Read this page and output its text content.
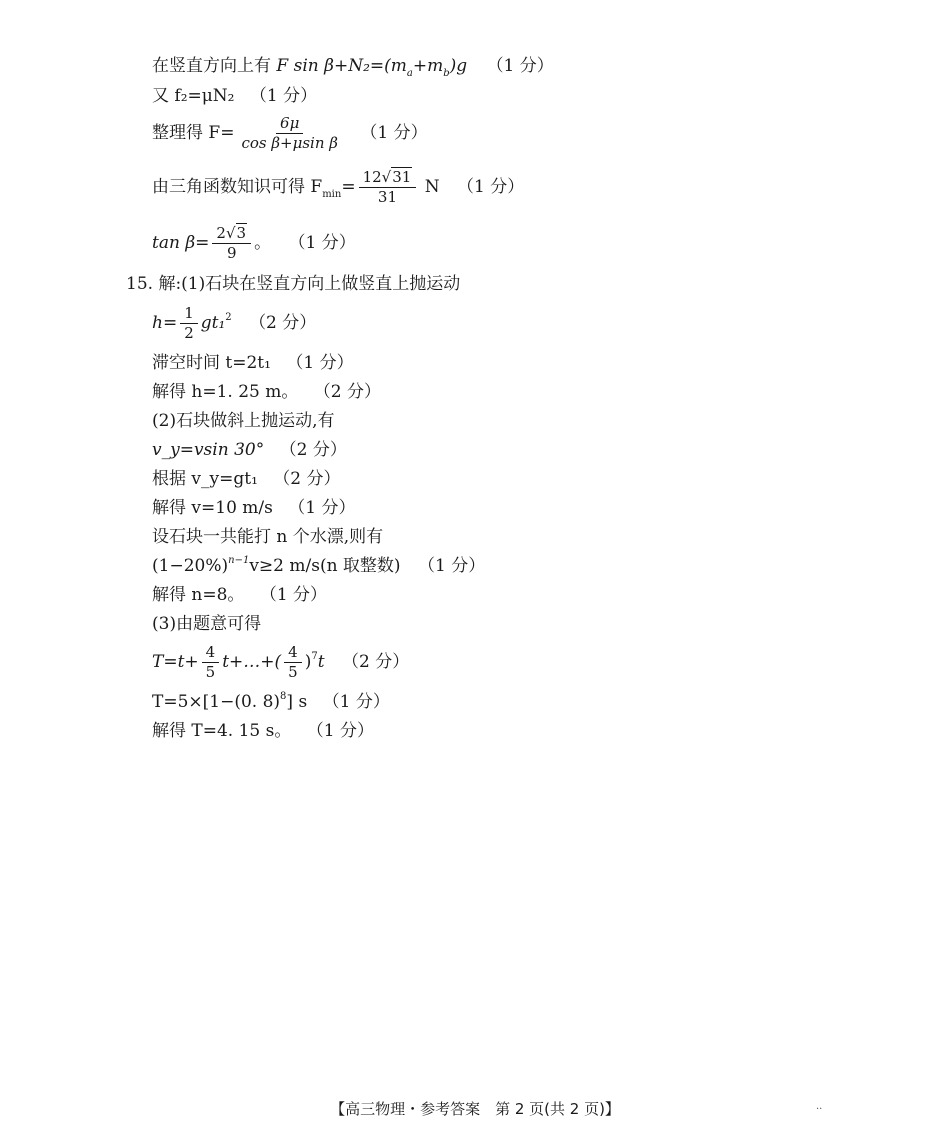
在竖直方向上有 F $\sin \beta+N_2=(m_a+m_b)g$ （1 分）
又 f₂=μN₂ （1 分）
整理得 $F= \frac{6\mu}{\text{cos β+μsin β}} (1$ 分）
由三角函数知识可得 $F_{min}= \frac{12√31}{31}$ N （1 分）
$\tan \beta= \frac{2√3}{9}$ 。 （1 分）
15. 解:(1)石块在竖直方向上做竖直上抛运动
$h= \frac{1}{2} gt_1^2$ （2 分）
滞空时间 t=2t₁ （1 分）
解得 h=1. 25 m。 （2 分）
(2)石块做斜上抛运动,有
v_y=vsin 30° （2 分）
根据 v_y=gt₁ （2 分）
解得 v=10 m/s （1 分）
设石块一共能打 n 个水漂,则有
$(1-20\%)^{n-1}v\ge 2$ m/s(n 取整数) （1 分）
解得 n=8。 （1 分）
(3)由题意可得
$T=t+ \frac{4}{5}$ t+…+( $\frac{4}{5} )^7t$ （2 分）
T=5×[1−(0. 8)$^8$] s （1 分）
解得 T=4. 15 s。 （1 分）
【高三物理・参考答案　第 2 页(共 2 页)】	··
